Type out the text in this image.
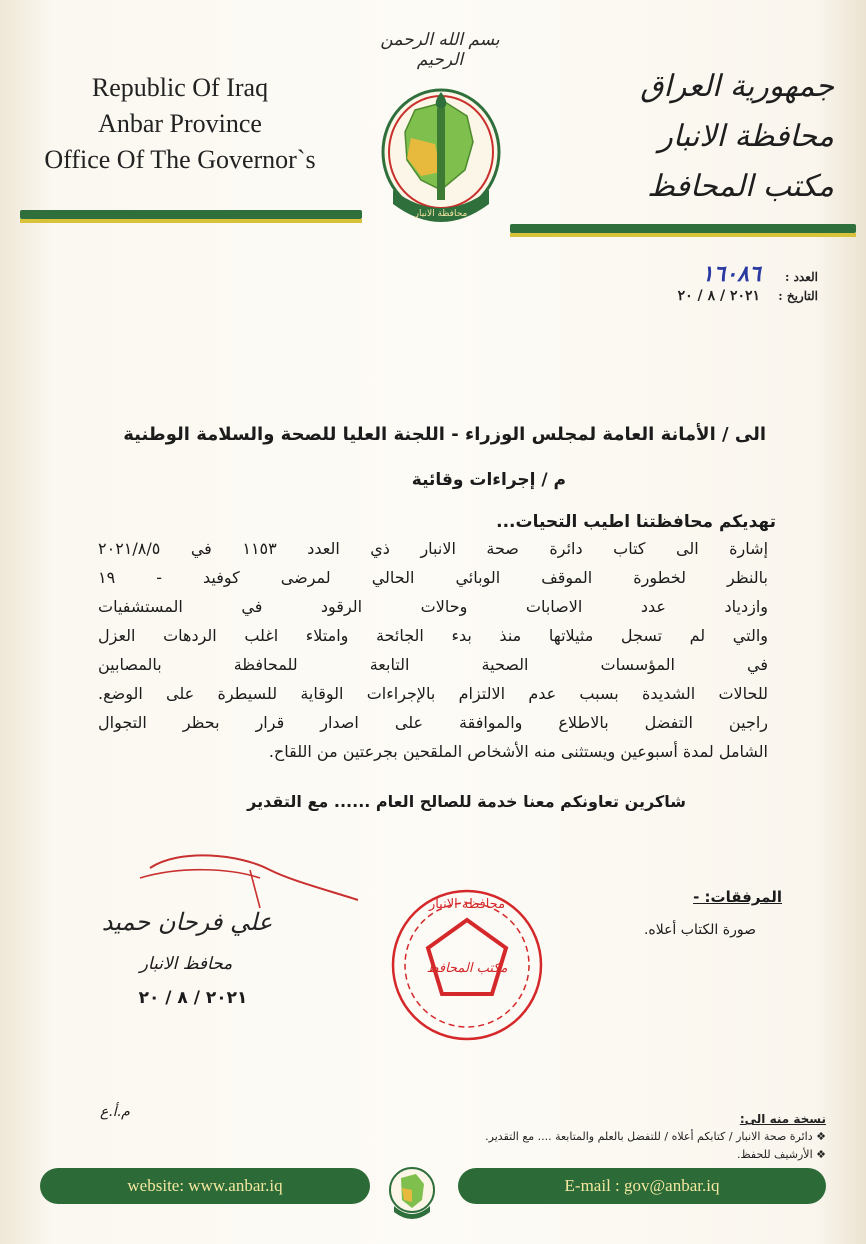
Republic Of Iraq
Anbar Province
Office Of The Governor`s
جمهورية العراق
محافظة الانبار
مكتب المحافظ
بسم الله الرحمن الرحيم
محافظة الانبار
العدد : ١٦٠٨٦
التاريخ : ٢٠٢١ / ٨ / ٢٠
الى / الأمانة العامة لمجلس الوزراء - اللجنة العليا للصحة والسلامة الوطنية
م / إجراءات وقائية
تهديكم محافظتنا اطيب التحيات...
إشارة الى كتاب دائرة صحة الانبار ذي العدد ١١٥٣ في ٢٠٢١/٨/٥
بالنظر لخطورة الموقف الوبائي الحالي لمرضى كوفيد - ١٩
وازدياد عدد الاصابات وحالات الرقود في المستشفيات
والتي لم تسجل مثيلاتها منذ بدء الجائحة وامتلاء اغلب الردهات العزل
في المؤسسات الصحية التابعة للمحافظة بالمصابين
للحالات الشديدة بسبب عدم الالتزام بالإجراءات الوقاية للسيطرة على الوضع.
راجين التفضل بالاطلاع والموافقة على اصدار قرار بحظر التجوال
الشامل لمدة أسبوعين ويستثنى منه الأشخاص الملقحين بجرعتين من اللقاح.
شاكرين تعاونكم معنا خدمة للصالح العام ...... مع التقدير
المرفقات: -
صورة الكتاب أعلاه.
علي فرحان حميد
محافظ الانبار
٢٠٢١ / ٨ / ٢٠
محافظة الانبار
مكتب المحافظ
م.أ.ع	نسخة منه الى:
❖ دائرة صحة الانبار / كتابكم أعلاه / للتفضل بالعلم والمتابعة .... مع التقدير.
❖ الأرشيف للحفظ.
website: www.anbar.iq	E-mail : gov@anbar.iq
